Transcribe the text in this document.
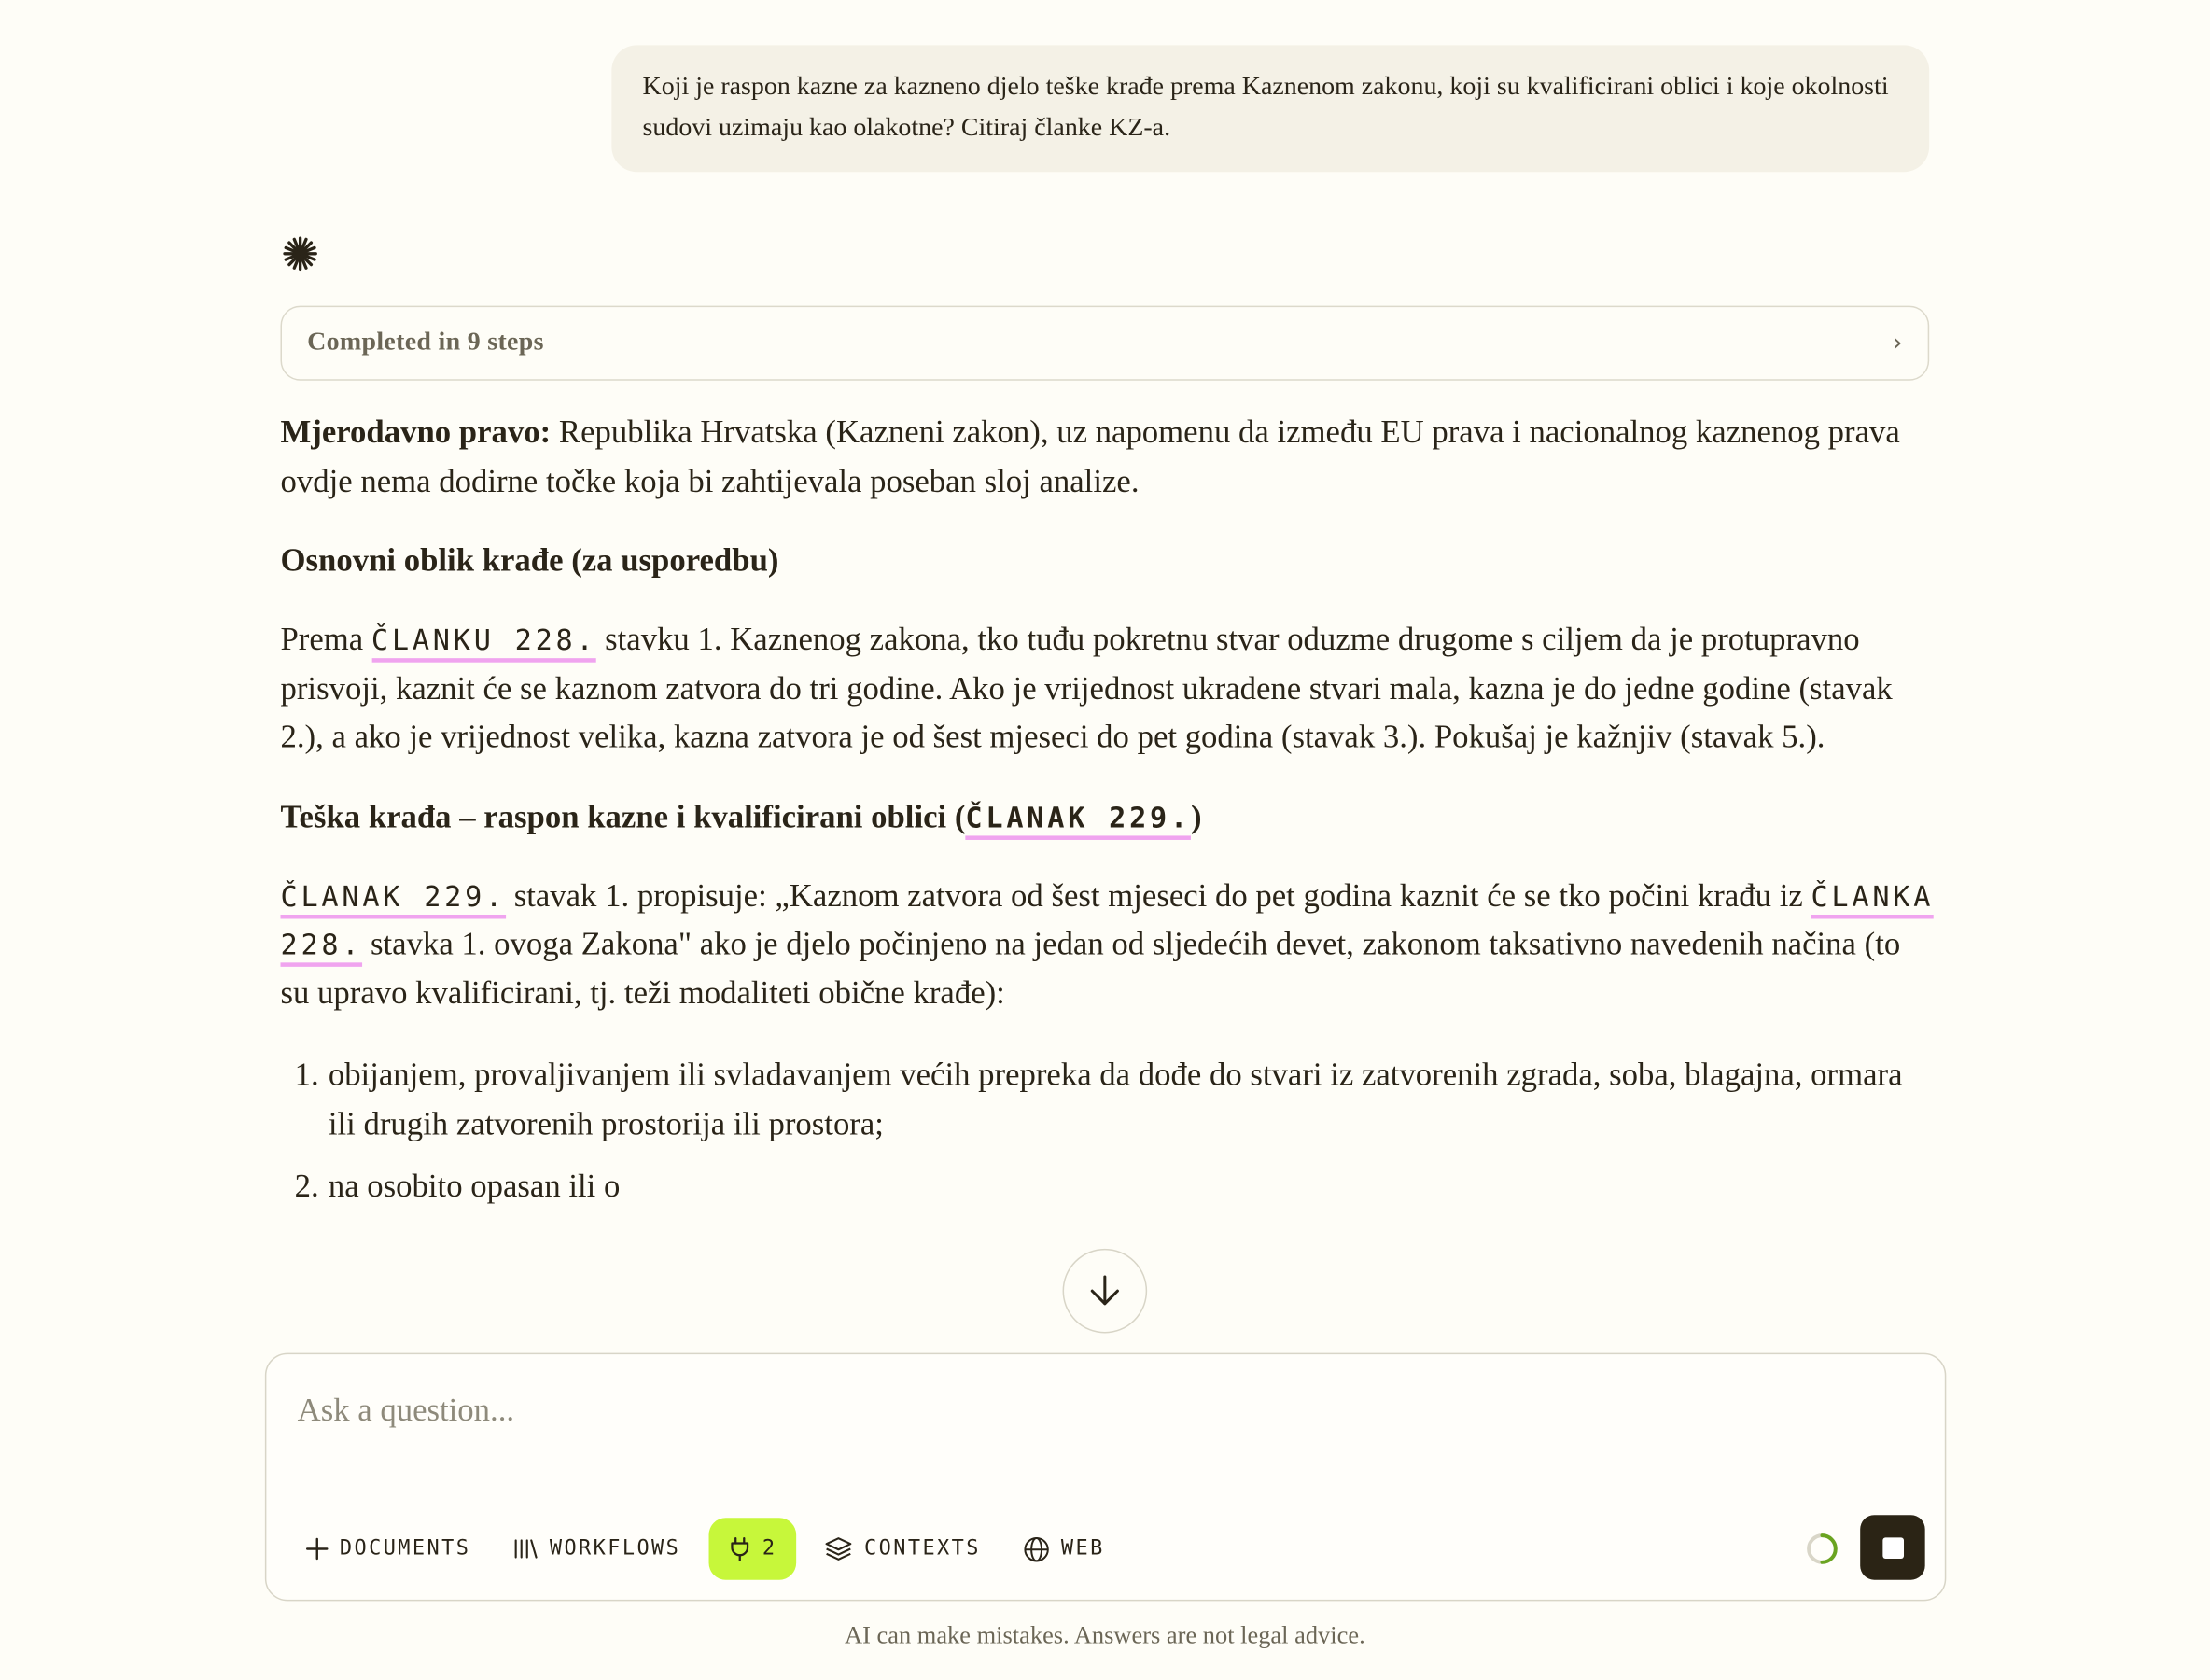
Koji je raspon kazne za kazneno djelo teške krađe prema Kaznenom zakonu, koji su kvalificirani oblici i koje okolnosti sudovi uzimaju kao olakotne? Citiraj članke KZ-a.
Completed in 9 steps	›

Mjerodavno pravo: Republika Hrvatska (Kazneni zakon), uz napomenu da između EU prava i nacionalnog kaznenog prava ovdje nema dodirne točke koja bi zahtijevala poseban sloj analize.

Osnovni oblik krađe (za usporedbu)

Prema ČLANKU 228. stavku 1. Kaznenog zakona, tko tuđu pokretnu stvar oduzme drugome s ciljem da je protupravno prisvoji, kaznit će se kaznom zatvora do tri godine. Ako je vrijednost ukradene stvari mala, kazna je do jedne godine (stavak 2.), a ako je vrijednost velika, kazna zatvora je od šest mjeseci do pet godina (stavak 3.). Pokušaj je kažnjiv (stavak 5.).

Teška krađa – raspon kazne i kvalificirani oblici (ČLANAK 229.)

ČLANAK 229. stavak 1. propisuje: „Kaznom zatvora od šest mjeseci do pet godina kaznit će se tko počini krađu iz ČLANKA 228. stavka 1. ovoga Zakona" ako je djelo počinjeno na jedan od sljedećih devet, zakonom taksativno navedenih načina (to su upravo kvalificirani, tj. teži modaliteti obične krađe):

1. obijanjem, provaljivanjem ili svladavanjem većih prepreka da dođe do stvari iz zatvorenih zgrada, soba, blagajna, ormara ili drugih zatvorenih prostorija ili prostora;
2. na osobito opasan ili o
Ask a question...
DOCUMENTS	WORKFLOWS	2	CONTEXTS	WEB
AI can make mistakes. Answers are not legal advice.
